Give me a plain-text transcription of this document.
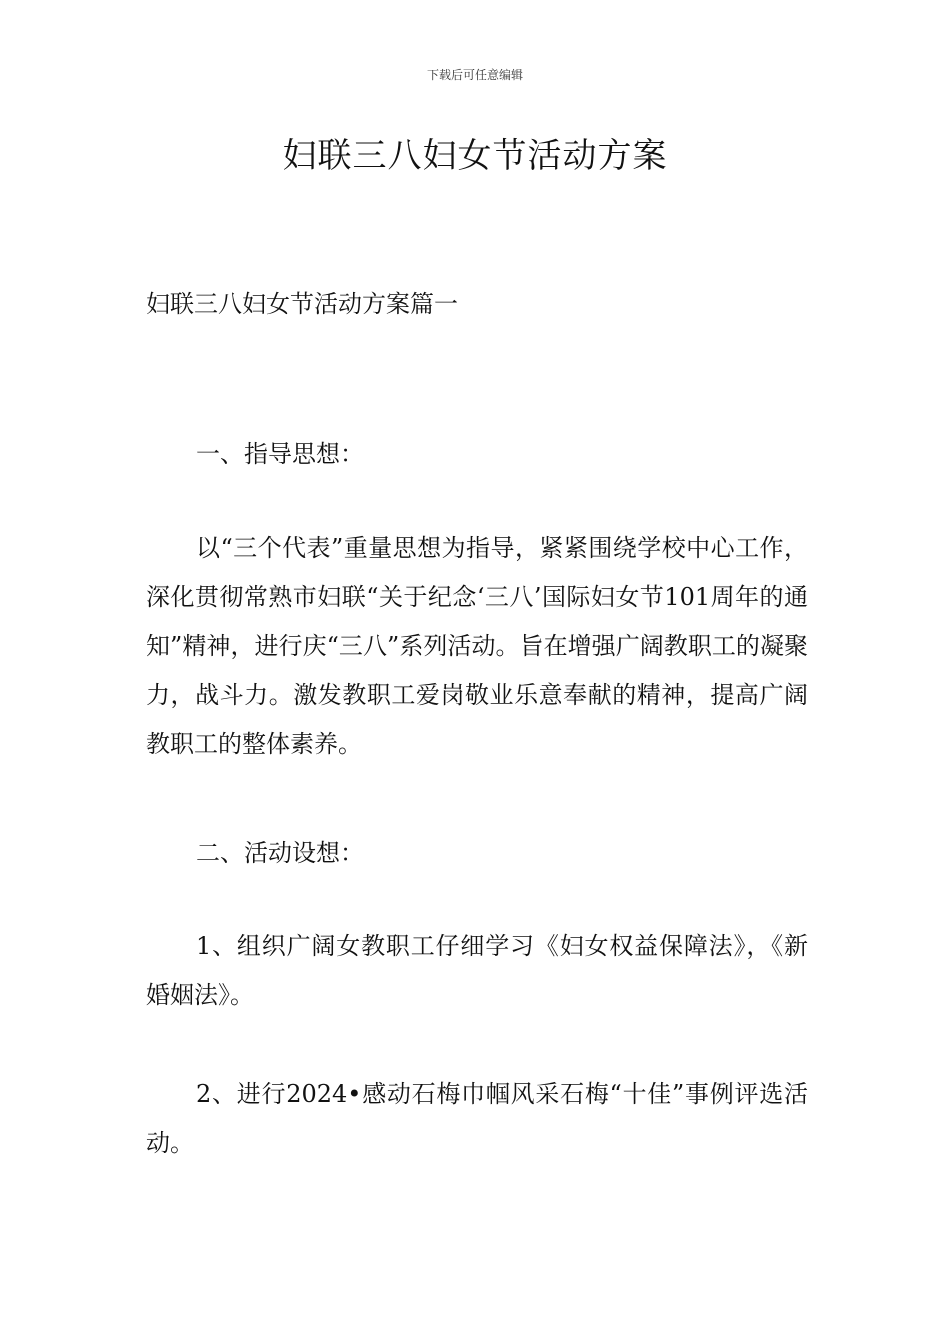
下载后可任意编辑
妇联三八妇女节活动方案
妇联三八妇女节活动方案篇一
一、指导思想：

以“三个代表”重量思想为指导，紧紧围绕学校中心工作，深化贯彻常熟市妇联“关于纪念‘三八’国际妇女节101周年的通知”精神，进行庆“三八”系列活动。旨在增强广阔教职工的凝聚力，战斗力。激发教职工爱岗敬业乐意奉献的精神，提高广阔教职工的整体素养。

二、活动设想：

1、组织广阔女教职工仔细学习《妇女权益保障法》，《新婚姻法》。

2、进行2024•感动石梅巾帼风采石梅“十佳”事例评选活动。
